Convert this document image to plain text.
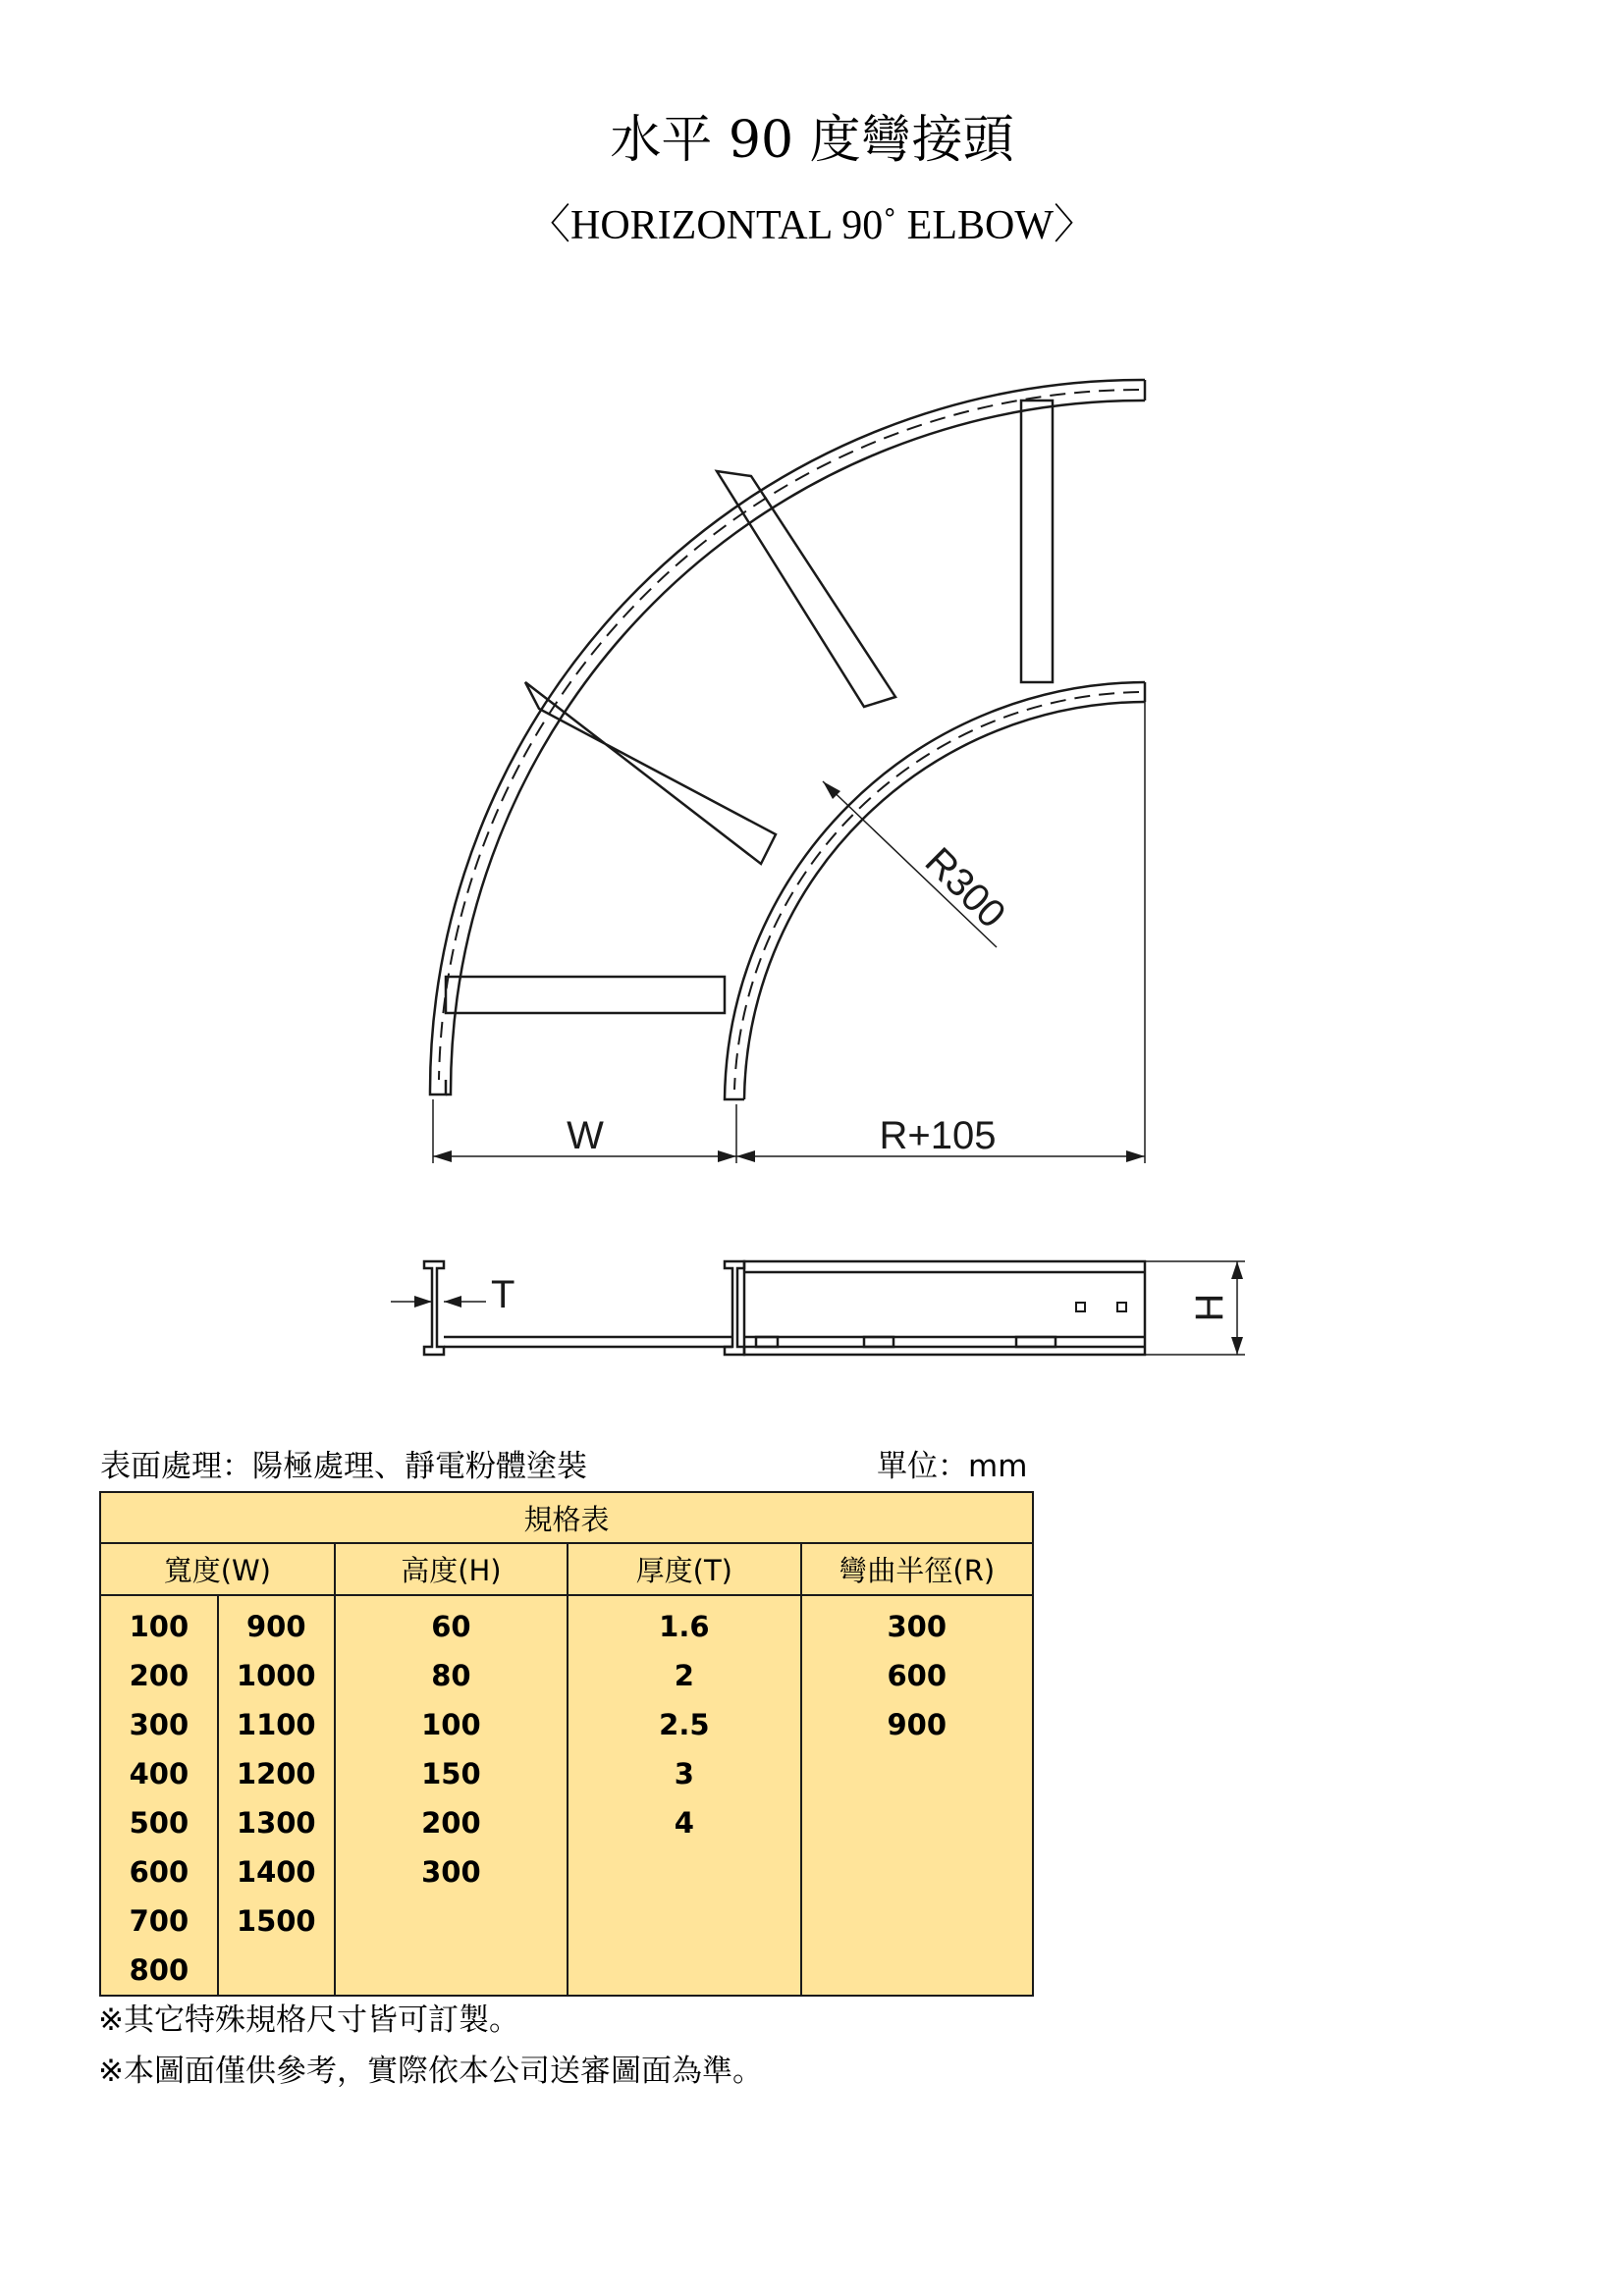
水平 90 度彎接頭
〈HORIZONTAL 90˚ ELBOW〉
W	R+105
R300
T	H
表面處理：陽極處理、靜電粉體塗裝	單位：mm
規格表				
寬度(W)		高度(H)	厚度(T)	彎曲半徑(R)
100	900	60	1.6	300
200	1000	80	2	600
300	1100	100	2.5	900
400	1200	150	3	
500	1300	200	4	
600	1400	300		
700	1500			
800				
※其它特殊規格尺寸皆可訂製。
※本圖面僅供參考，實際依本公司送審圖面為準。
